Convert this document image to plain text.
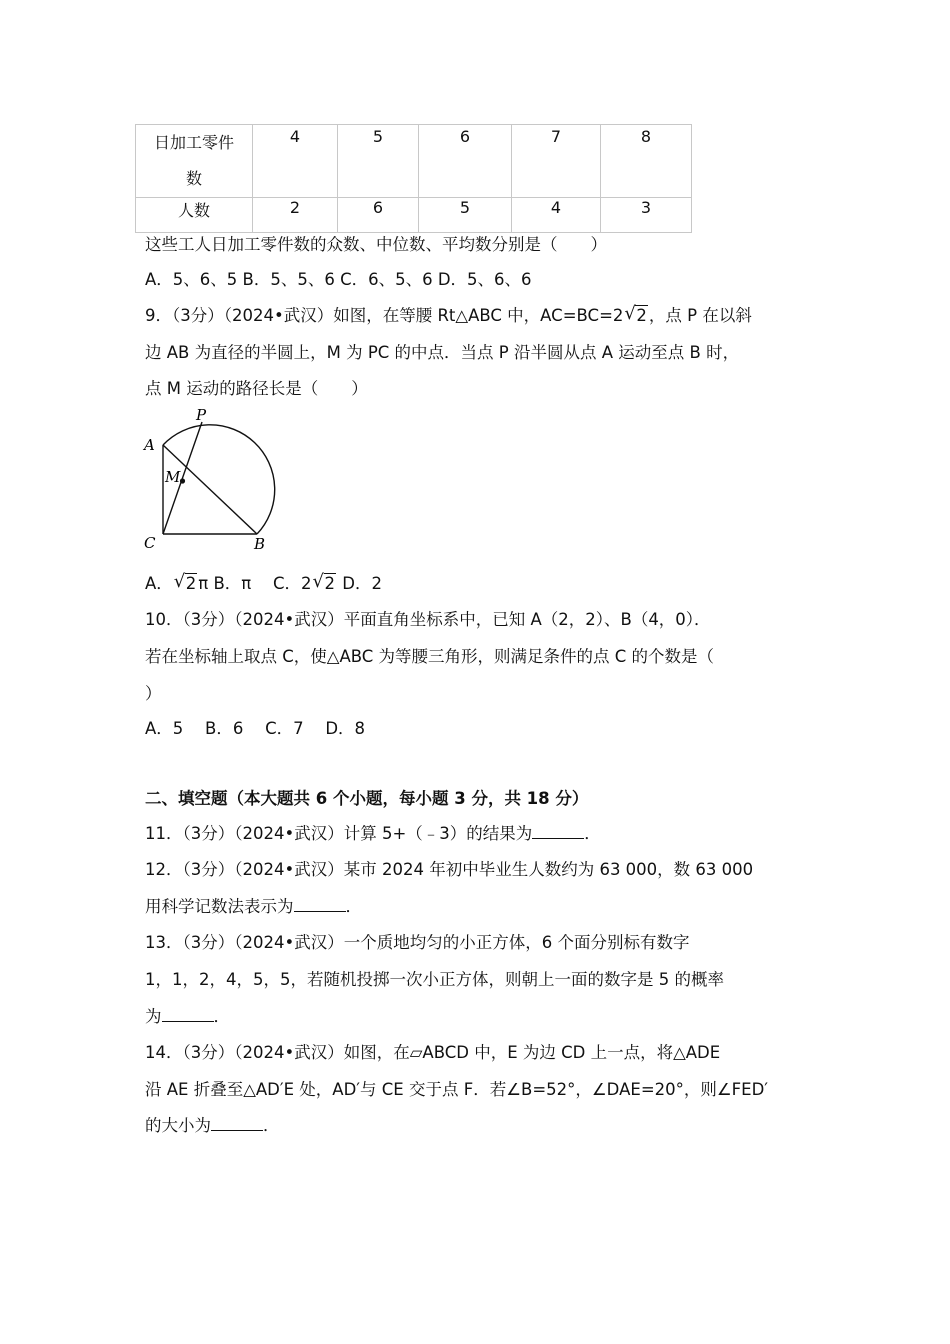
日加工零件
数	4	5	6	7	8
人数	2	6	5	4	3
这些工人日加工零件数的众数、中位数、平均数分别是（　　）
A．5、6、5 B．5、5、6 C．6、5、6 D．5、6、6
9．（3分）（2024•武汉）如图，在等腰 Rt△ABC 中，AC=BC=2 √ 2 ，点 P 在以斜
边 AB 为直径的半圆上，M 为 PC 的中点．当点 P 沿半圆从点 A 运动至点 B 时，
点 M 运动的路径长是（　　）
A
P
M
C	B
A． √ 2 π B．π　 C．2 √ 2 D．2
10．（3分）（2024•武汉）平面直角坐标系中，已知 A（2，2）、B（4，0）．
若在坐标轴上取点 C，使△ABC 为等腰三角形，则满足条件的点 C 的个数是（
）
A．5　 B．6　 C．7　 D．8
二、填空题（本大题共 6 个小题，每小题 3 分，共 18 分）
11．（3分）（2024•武汉）计算 5+（﹣3）的结果为	．
12．（3分）（2024•武汉）某市 2024 年初中毕业生人数约为 63 000，数 63 000
用科学记数法表示为	．
13．（3分）（2024•武汉）一个质地均匀的小正方体，6 个面分别标有数字
1，1，2，4，5，5，若随机投掷一次小正方体，则朝上一面的数字是 5 的概率
为	．
14．（3分）（2024•武汉）如图，在▱ABCD 中，E 为边 CD 上一点，将△ADE
沿 AE 折叠至△AD′E 处，AD′与 CE 交于点 F．若∠B=52°，∠DAE=20°，则∠FED′
的大小为	．
